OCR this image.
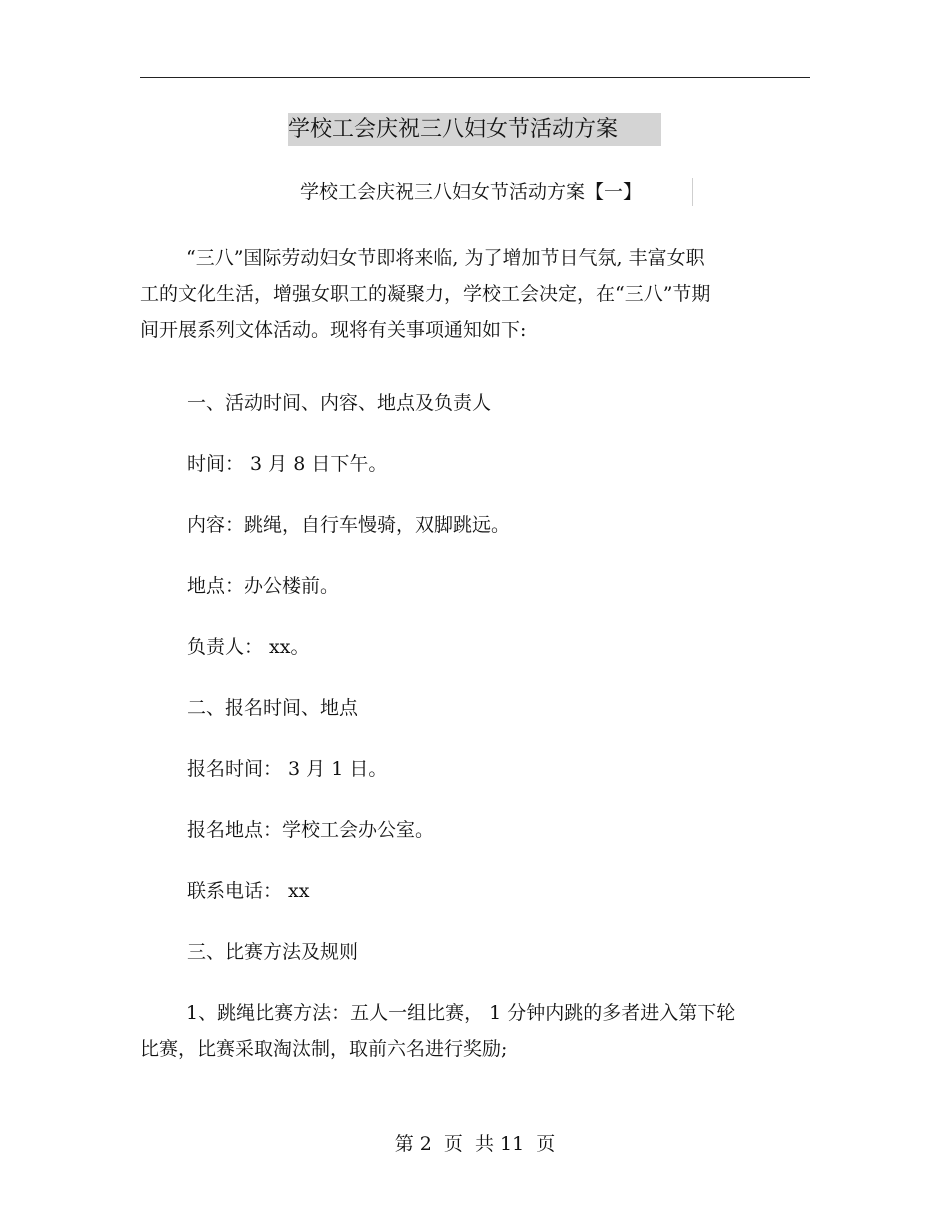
学校工会庆祝三八妇女节活动方案
学校工会庆祝三八妇女节活动方案【一】
“三八”国际劳动妇女节即将来临, 为了增加节日气氛, 丰富女职
工的文化生活，增强女职工的凝聚力，学校工会决定，在“三八”节期
间开展系列文体活动。现将有关事项通知如下:
一、活动时间、内容、地点及负责人
时间： 3 月 8 日下午。
内容：跳绳，自行车慢骑，双脚跳远。
地点：办公楼前。
负责人： xx。
二、报名时间、地点
报名时间： 3 月 1 日。
报名地点：学校工会办公室。
联系电话： xx
三、比赛方法及规则
1、跳绳比赛方法：五人一组比赛， 1 分钟内跳的多者进入第下轮
比赛，比赛采取淘汰制，取前六名进行奖励;
第 2  页  共 11  页
